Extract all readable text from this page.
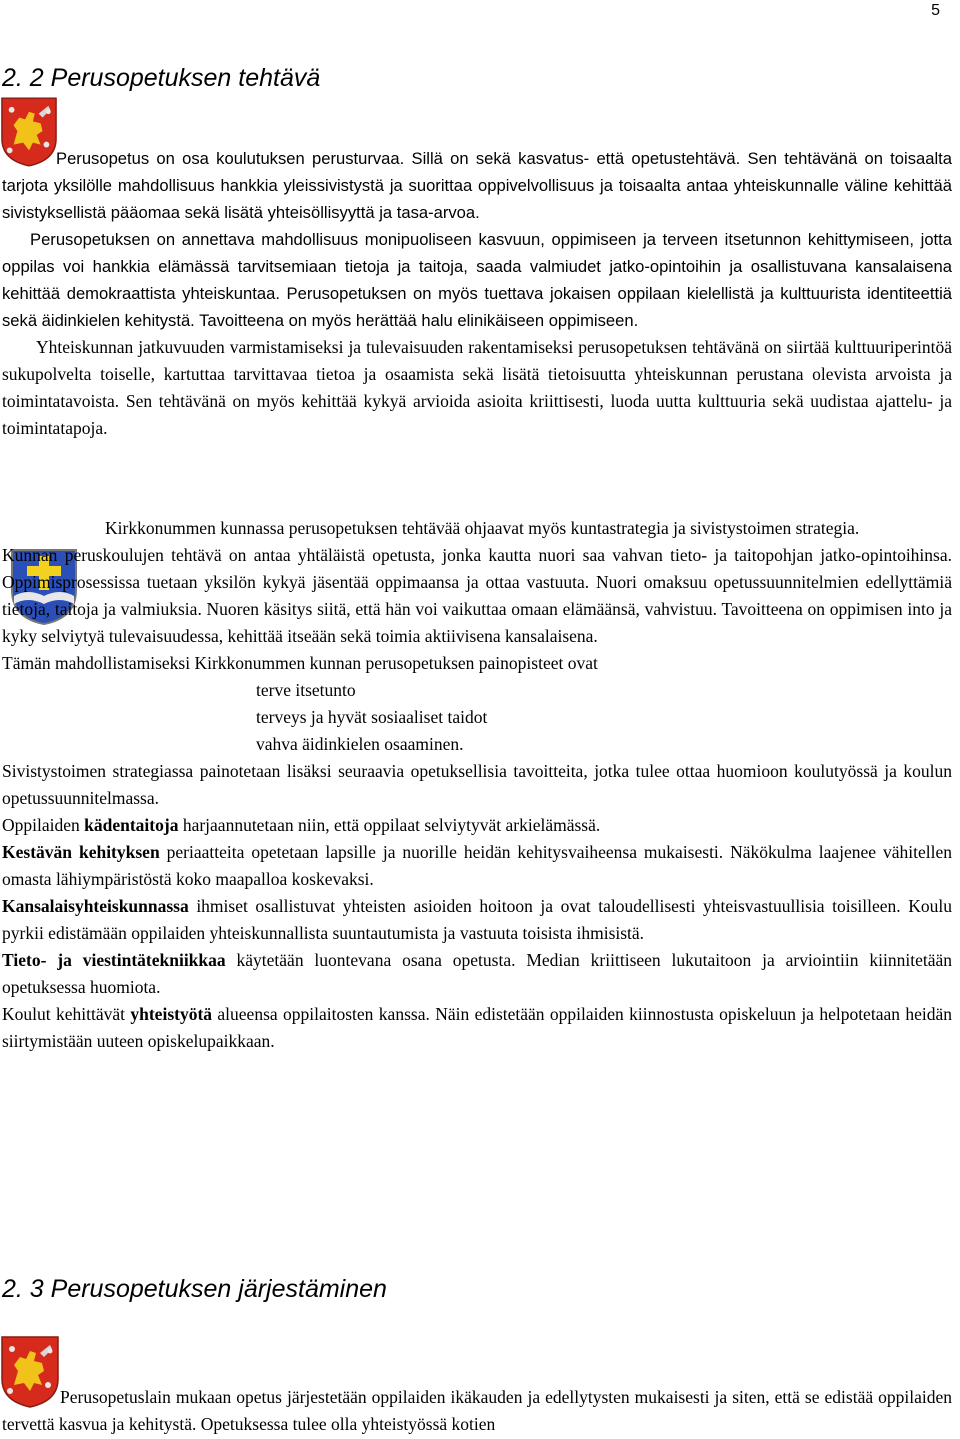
5
2. 2 Perusopetuksen tehtävä

Perusopetus on osa koulutuksen perusturvaa. Sillä on sekä kasvatus- että opetustehtävä. Sen tehtävänä on toisaalta tarjota yksilölle mahdollisuus hankkia yleissivistystä ja suorittaa oppivelvollisuus ja toisaalta antaa yhteiskunnalle väline kehittää sivistyksellistä pääomaa sekä lisätä yhteisöllisyyttä ja tasa-arvoa.

Perusopetuksen on annettava mahdollisuus monipuoliseen kasvuun, oppimiseen ja terveen itsetunnon kehittymiseen, jotta oppilas voi hankkia elämässä tarvitsemiaan tietoja ja taitoja, saada valmiudet jatko-opintoihin ja osallistuvana kansalaisena kehittää demokraattista yhteiskuntaa. Perusopetuksen on myös tuettava jokaisen oppilaan kielellistä ja kulttuurista identiteettiä sekä äidinkielen kehitystä. Tavoitteena on myös herättää halu elinikäiseen oppimiseen.

Yhteiskunnan jatkuvuuden varmistamiseksi ja tulevaisuuden rakentamiseksi perusopetuksen tehtävänä on siirtää kulttuuriperintöä sukupolvelta toiselle, kartuttaa tarvittavaa tietoa ja osaamista sekä lisätä tietoisuutta yhteiskunnan perustana olevista arvoista ja toimintatavoista. Sen tehtävänä on myös kehittää kykyä arvioida asioita kriittisesti, luoda uutta kulttuuria sekä uudistaa ajattelu- ja toimintatapoja.

Kirkkonummen kunnassa perusopetuksen tehtävää ohjaavat myös kuntastrategia ja sivistystoimen strategia.

Kunnan peruskoulujen tehtävä on antaa yhtäläistä opetusta, jonka kautta nuori saa vahvan tieto- ja taitopohjan jatko-opintoihinsa. Oppimisprosessissa tuetaan yksilön kykyä jäsentää oppimaansa ja ottaa vastuuta. Nuori omaksuu opetussuunnitelmien edellyttämiä tietoja, taitoja ja valmiuksia. Nuoren käsitys siitä, että hän voi vaikuttaa omaan elämäänsä, vahvistuu. Tavoitteena on oppimisen into ja kyky selviytyä tulevaisuudessa, kehittää itseään sekä toimia aktiivisena kansalaisena.

Tämän mahdollistamiseksi Kirkkonummen kunnan perusopetuksen painopisteet ovat

terve itsetunto

terveys ja hyvät sosiaaliset taidot

vahva äidinkielen osaaminen.

Sivistystoimen strategiassa painotetaan lisäksi seuraavia opetuksellisia tavoitteita, jotka tulee ottaa huomioon koulutyössä ja koulun opetussuunnitelmassa.

Oppilaiden kädentaitoja harjaannutetaan niin, että oppilaat selviytyvät arkielämässä.

Kestävän kehityksen periaatteita opetetaan lapsille ja nuorille heidän kehitysvaiheensa mukaisesti. Näkökulma laajenee vähitellen omasta lähiympäristöstä koko maapalloa koskevaksi.

Kansalaisyhteiskunnassa ihmiset osallistuvat yhteisten asioiden hoitoon ja ovat taloudellisesti yhteisvastuullisia toisilleen. Koulu pyrkii edistämään oppilaiden yhteiskunnallista suuntautumista ja vastuuta toisista ihmisistä.

Tieto- ja viestintätekniikkaa käytetään luontevana osana opetusta. Median kriittiseen lukutaitoon ja arviointiin kiinnitetään opetuksessa huomiota.

Koulut kehittävät yhteistyötä alueensa oppilaitosten kanssa. Näin edistetään oppilaiden kiinnostusta opiskeluun ja helpotetaan heidän siirtymistään uuteen opiskelupaikkaan.

2. 3 Perusopetuksen järjestäminen

Perusopetuslain mukaan opetus järjestetään oppilaiden ikäkauden ja edellytysten mukaisesti ja siten, että se edistää oppilaiden tervettä kasvua ja kehitystä. Opetuksessa tulee olla yhteistyössä kotien
